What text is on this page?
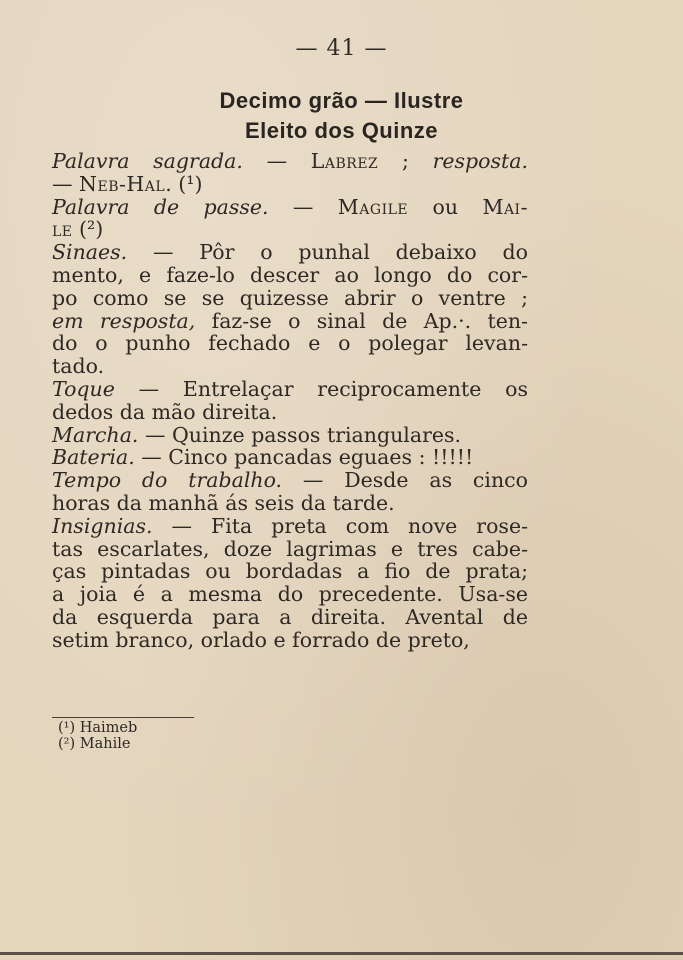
— 41 —
Decimo grão — Ilustre
Eleito dos Quinze
Palavra sagrada. — Labrez ; resposta.
— Neb-Hal. (¹)
Palavra de passe. — Magile ou Mai-
le (²)
Sinaes. — Pôr o punhal debaixo do
mento, e faze-lo descer ao longo do cor-
po como se se quizesse abrir o ventre ;
em resposta, faz-se o sinal de Ap.·. ten-
do o punho fechado e o polegar levan-
tado.
Toque — Entrelaçar reciprocamente os
dedos da mão direita.
Marcha. — Quinze passos triangulares.
Bateria. — Cinco pancadas eguaes : !!!!!
Tempo do trabalho. — Desde as cinco
horas da manhã ás seis da tarde.
Insignias. — Fita preta com nove rose-
tas escarlates, doze lagrimas e tres cabe-
ças pintadas ou bordadas a fio de prata;
a joia é a mesma do precedente. Usa-se
da esquerda para a direita. Avental de
setim branco, orlado e forrado de preto,
(¹) Haimeb
(²) Mahile
